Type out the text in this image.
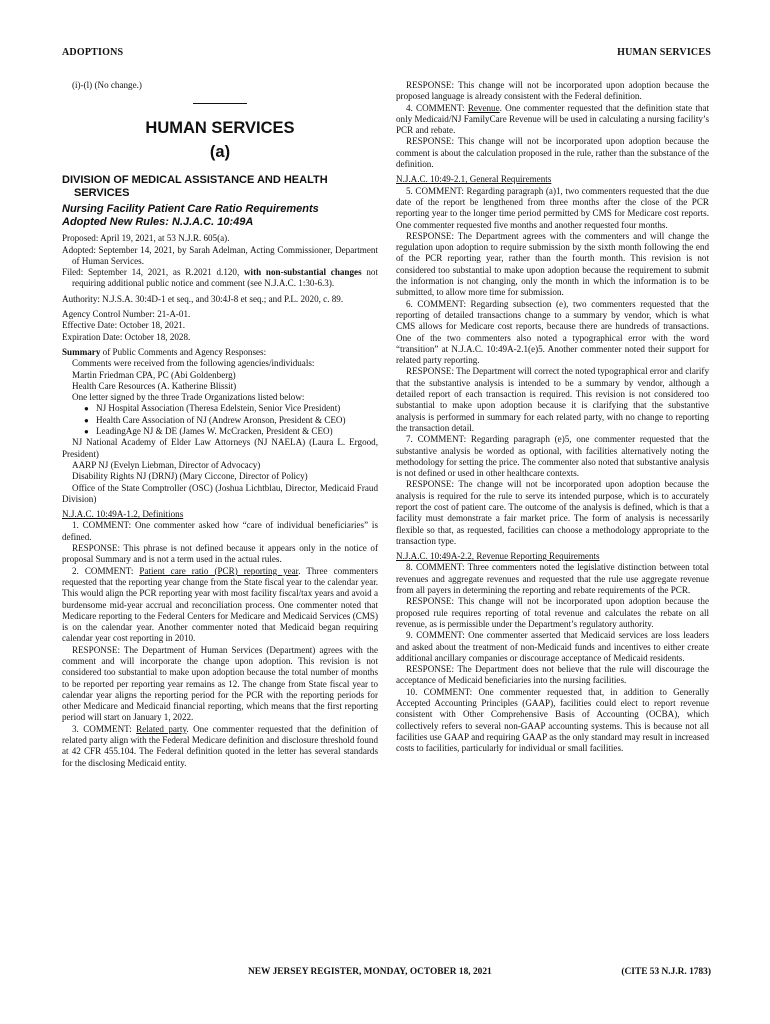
ADOPTIONS	HUMAN SERVICES

(i)-(l) (No change.)

HUMAN SERVICES

(a)

DIVISION OF MEDICAL ASSISTANCE AND HEALTH SERVICES

Nursing Facility Patient Care Ratio Requirements

Adopted New Rules: N.J.A.C. 10:49A

Proposed: April 19, 2021, at 53 N.J.R. 605(a).

Adopted: September 14, 2021, by Sarah Adelman, Acting Commissioner, Department of Human Services.

Filed: September 14, 2021, as R.2021 d.120, with non-substantial changes not requiring additional public notice and comment (see N.J.A.C. 1:30-6.3).

Authority: N.J.S.A. 30:4D-1 et seq., and 30:4J-8 et seq.; and P.L. 2020, c. 89.

Agency Control Number: 21-A-01.

Effective Date: October 18, 2021.

Expiration Date: October 18, 2028.

Summary of Public Comments and Agency Responses:

Comments were received from the following agencies/individuals:

Martin Friedman CPA, PC (Abi Goldenberg)

Health Care Resources (A. Katherine Blissit)

One letter signed by the three Trade Organizations listed below:

● NJ Hospital Association (Theresa Edelstein, Senior Vice President)

● Health Care Association of NJ (Andrew Aronson, President & CEO)

● LeadingAge NJ & DE (James W. McCracken, President & CEO)

NJ National Academy of Elder Law Attorneys (NJ NAELA) (Laura L. Ergood, President)

AARP NJ (Evelyn Liebman, Director of Advocacy)

Disability Rights NJ (DRNJ) (Mary Ciccone, Director of Policy)

Office of the State Comptroller (OSC) (Joshua Lichtblau, Director, Medicaid Fraud Division)

N.J.A.C. 10:49A-1.2, Definitions

1. COMMENT: One commenter asked how “care of individual beneficiaries” is defined.

RESPONSE: This phrase is not defined because it appears only in the notice of proposal Summary and is not a term used in the actual rules.

2. COMMENT: Patient care ratio (PCR) reporting year. Three commenters requested that the reporting year change from the State fiscal year to the calendar year. This would align the PCR reporting year with most facility fiscal/tax years and avoid a burdensome mid-year accrual and reconciliation process. One commenter noted that Medicare reporting to the Federal Centers for Medicare and Medicaid Services (CMS) is on the calendar year. Another commenter noted that Medicaid began requiring calendar year cost reporting in 2010.

RESPONSE: The Department of Human Services (Department) agrees with the comment and will incorporate the change upon adoption. This revision is not considered too substantial to make upon adoption because the total number of months to be reported per reporting year remains as 12. The change from State fiscal year to calendar year aligns the reporting period for the PCR with the reporting periods for other Medicare and Medicaid financial reporting, which means that the first reporting period will start on January 1, 2022.

3. COMMENT: Related party. One commenter requested that the definition of related party align with the Federal Medicare definition and disclosure threshold found at 42 CFR 455.104. The Federal definition quoted in the letter has several standards for the disclosing Medicaid entity.

RESPONSE: This change will not be incorporated upon adoption because the proposed language is already consistent with the Federal definition.

4. COMMENT: Revenue. One commenter requested that the definition state that only Medicaid/NJ FamilyCare Revenue will be used in calculating a nursing facility’s PCR and rebate.

RESPONSE: This change will not be incorporated upon adoption because the comment is about the calculation proposed in the rule, rather than the substance of the definition.

N.J.A.C. 10:49-2.1, General Requirements

5. COMMENT: Regarding paragraph (a)1, two commenters requested that the due date of the report be lengthened from three months after the close of the PCR reporting year to the longer time period permitted by CMS for Medicare cost reports. One commenter requested five months and another requested four months.

RESPONSE: The Department agrees with the commenters and will change the regulation upon adoption to require submission by the sixth month following the end of the PCR reporting year, rather than the fourth month. This revision is not considered too substantial to make upon adoption because the requirement to submit the information is not changing, only the month in which the information is to be submitted, to allow more time for submission.

6. COMMENT: Regarding subsection (e), two commenters requested that the reporting of detailed transactions change to a summary by vendor, which is what CMS allows for Medicare cost reports, because there are hundreds of transactions. One of the two commenters also noted a typographical error with the word “transition” at N.J.A.C. 10:49A-2.1(e)5. Another commenter noted their support for related party reporting.

RESPONSE: The Department will correct the noted typographical error and clarify that the substantive analysis is intended to be a summary by vendor, although a detailed report of each transaction is required. This revision is not considered too substantial to make upon adoption because it is clarifying that the substantive analysis is performed in summary for each related party, with no change to reporting the transaction detail.

7. COMMENT: Regarding paragraph (e)5, one commenter requested that the substantive analysis be worded as optional, with facilities alternatively noting the methodology for setting the price. The commenter also noted that substantive analysis is not defined or used in other healthcare contexts.

RESPONSE: The change will not be incorporated upon adoption because the analysis is required for the rule to serve its intended purpose, which is to accurately report the cost of patient care. The outcome of the analysis is defined, which is that a facility must demonstrate a fair market price. The form of analysis is necessarily flexible so that, as requested, facilities can choose a methodology appropriate to the transaction type.

N.J.A.C. 10:49A-2.2, Revenue Reporting Requirements

8. COMMENT: Three commenters noted the legislative distinction between total revenues and aggregate revenues and requested that the rule use aggregate revenue from all payers in determining the reporting and rebate requirements of the PCR.

RESPONSE: This change will not be incorporated upon adoption because the proposed rule requires reporting of total revenue and calculates the rebate on all revenue, as is permissible under the Department’s regulatory authority.

9. COMMENT: One commenter asserted that Medicaid services are loss leaders and asked about the treatment of non-Medicaid funds and incentives to either create additional ancillary companies or discourage acceptance of Medicaid residents.

RESPONSE: The Department does not believe that the rule will discourage the acceptance of Medicaid beneficiaries into the nursing facilities.

10. COMMENT: One commenter requested that, in addition to Generally Accepted Accounting Principles (GAAP), facilities could elect to report revenue consistent with Other Comprehensive Basis of Accounting (OCBA), which collectively refers to several non-GAAP accounting systems. This is because not all facilities use GAAP and requiring GAAP as the only standard may result in increased costs to facilities, particularly for individual or small facilities.

NEW JERSEY REGISTER, MONDAY, OCTOBER 18, 2021	(CITE 53 N.J.R. 1783)
